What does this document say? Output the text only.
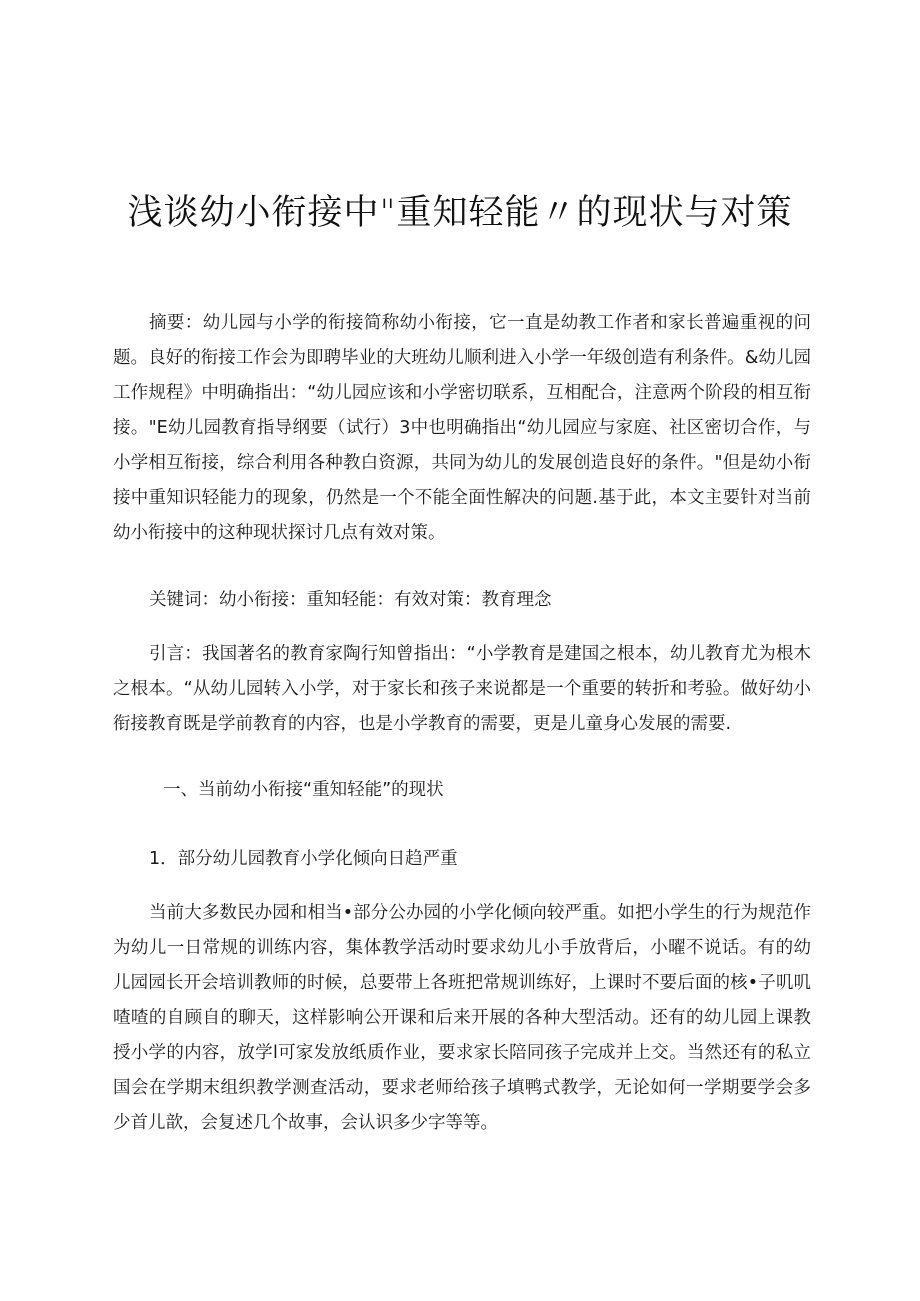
浅谈幼小衔接中"重知轻能〃的现状与对策

摘要：幼儿园与小学的衔接简称幼小衔接，它一直是幼教工作者和家长普遍重视的问题。良好的衔接工作会为即聘毕业的大班幼儿顺利进入小学一年级创造有利条件。&幼儿园工作规程》中明确指出：“幼儿园应该和小学密切联系，互相配合，注意两个阶段的相互衔接。"E幼儿园教育指导纲要（试行）3中也明确指出“幼儿园应与家庭、社区密切合作，与小学相互衔接，综合利用各种教白资源，共同为幼儿的发展创造良好的条件。"但是幼小衔接中重知识轻能力的现象，仍然是一个不能全面性解决的问题.基于此，本文主要针对当前幼小衔接中的这种现状探讨几点有效对策。

关键词：幼小衔接：重知轻能：有效对策：教育理念

引言：我国著名的教育家陶行知曾指出：“小学教育是建国之根本，幼儿教育尤为根木之根本。“从幼儿园转入小学，对于家长和孩子来说都是一个重要的转折和考验。做好幼小衔接教育既是学前教育的内容，也是小学教育的需要，更是儿童身心发展的需要.

一、当前幼小衔接“重知轻能”的现状
1．部分幼儿园教育小学化倾向日趋严重

当前大多数民办园和相当•部分公办园的小学化倾向较严重。如把小学生的行为规范作为幼儿一日常规的训练内容，集体教学活动时要求幼儿小手放背后，小曜不说话。有的幼儿园园长开会培训教师的时候，总要带上各班把常规训练好，上课时不要后面的核•子叽叽喳喳的自顾自的聊天，这样影响公开课和后来开展的各种大型活动。还有的幼儿园上课教授小学的内容，放学l可家发放纸质作业，要求家长陪同孩子完成并上交。当然还有的私立国会在学期末组织教学测查活动，要求老师给孩子填鸭式教学，无论如何一学期要学会多少首儿歆，会复述几个故事，会认识多少字等等。
